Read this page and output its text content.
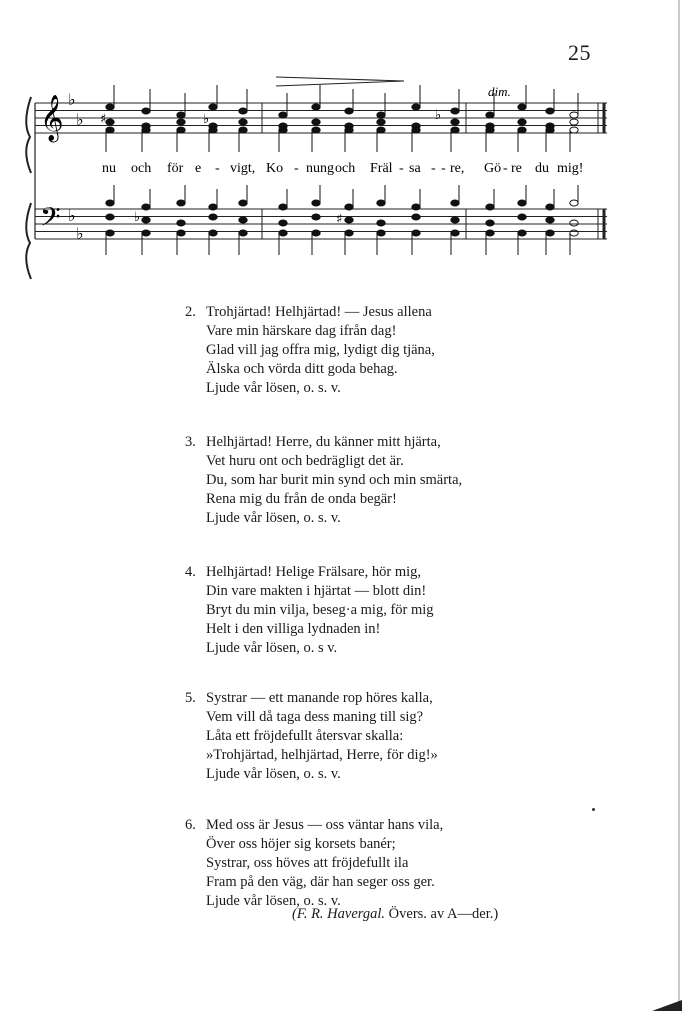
25
𝄞
𝄢
♭
♭
♭
♭
♯	♭	♭
♭	♯
dim.
nu och för e - vigt, Ko - nung och Fräl - sa - - re, Gö - re du mig!
2. Trohjärtad! Helhjärtad! — Jesus allena
Vare min härskare dag ifrån dag!
Glad vill jag offra mig, lydigt dig tjäna,
Älska och vörda ditt goda behag.
Ljude vår lösen, o. s. v.
3. Helhjärtad! Herre, du känner mitt hjärta,
Vet huru ont och bedrägligt det är.
Du, som har burit min synd och min smärta,
Rena mig du från de onda begär!
Ljude vår lösen, o. s. v.
4. Helhjärtad! Helige Frälsare, hör mig,
Din vare makten i hjärtat — blott din!
Bryt du min vilja, beseg·a mig, för mig
Helt i den villiga lydnaden in!
Ljude vår lösen, o. s v.
5. Systrar — ett manande rop höres kalla,
Vem vill då taga dess maning till sig?
Låta ett fröjdefullt återsvar skalla:
»Trohjärtad, helhjärtad, Herre, för dig!»
Ljude vår lösen, o. s. v.
6. Med oss är Jesus — oss väntar hans vila,
Över oss höjer sig korsets banér;
Systrar, oss höves att fröjdefullt ila
Fram på den väg, där han seger oss ger.
Ljude vår lösen, o. s. v.
(F. R. Havergal. Övers. av A—der.)
